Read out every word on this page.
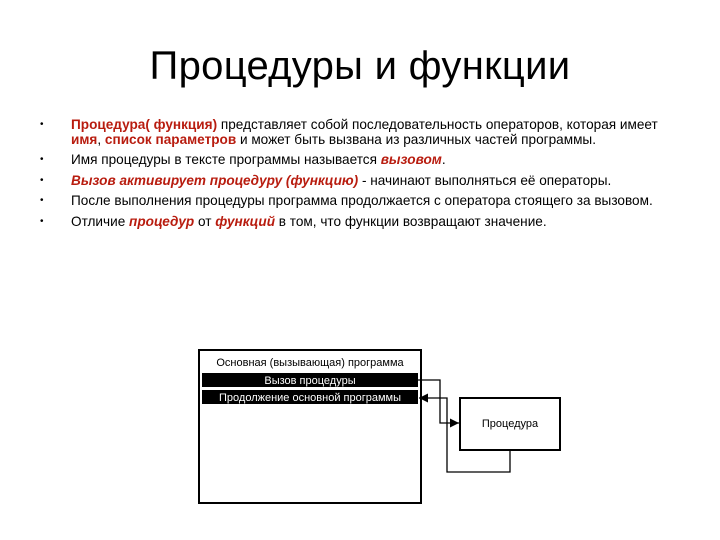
Процедуры и функции
•	Процедура( функция) представляет собой последовательность операторов, которая имеет имя, список параметров и может быть вызвана из различных частей программы.
•	Имя процедуры в тексте программы называется вызовом.
•	Вызов активирует процедуру (функцию) - начинают выполняться её операторы.
•	После выполнения процедуры программа продолжается с оператора стоящего за вызовом.
•	Отличие процедур от функций в том, что функции возвращают значение.
Основная (вызывающая) программа
Вызов процедуры
Продолжение основной программы
Процедура
